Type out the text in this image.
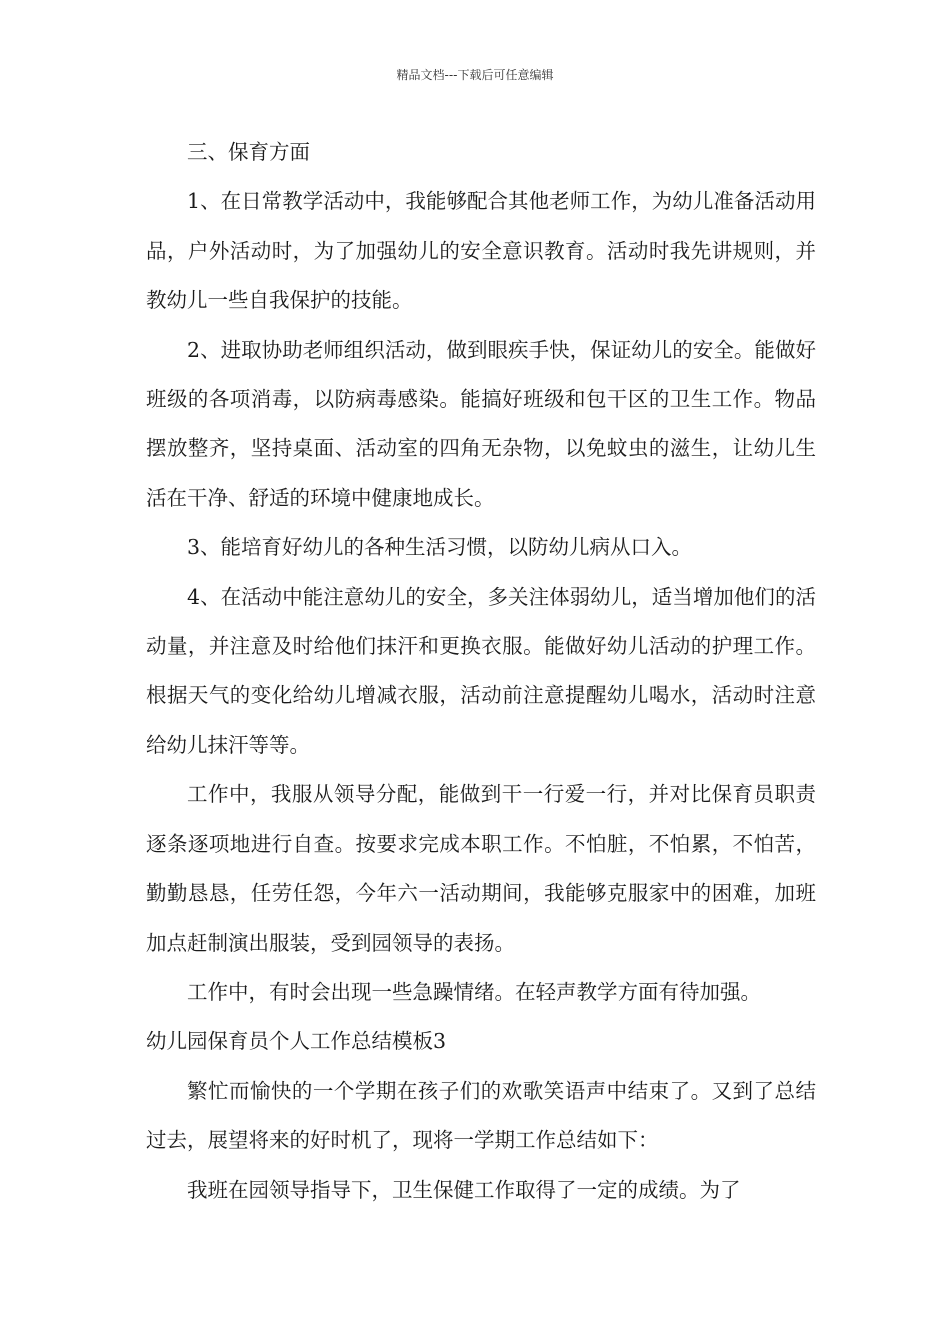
精品文档---下载后可任意编辑

三、保育方面

1、在日常教学活动中，我能够配合其他老师工作，为幼儿准备活动用品，户外活动时，为了加强幼儿的安全意识教育。活动时我先讲规则，并教幼儿一些自我保护的技能。

2、进取协助老师组织活动，做到眼疾手快，保证幼儿的安全。能做好班级的各项消毒，以防病毒感染。能搞好班级和包干区的卫生工作。物品摆放整齐，坚持桌面、活动室的四角无杂物，以免蚊虫的滋生，让幼儿生活在干净、舒适的环境中健康地成长。

3、能培育好幼儿的各种生活习惯，以防幼儿病从口入。

4、在活动中能注意幼儿的安全，多关注体弱幼儿，适当增加他们的活动量，并注意及时给他们抹汗和更换衣服。能做好幼儿活动的护理工作。根据天气的变化给幼儿增减衣服，活动前注意提醒幼儿喝水，活动时注意给幼儿抹汗等等。

工作中，我服从领导分配，能做到干一行爱一行，并对比保育员职责逐条逐项地进行自查。按要求完成本职工作。不怕脏，不怕累，不怕苦，勤勤恳恳，任劳任怨，今年六一活动期间，我能够克服家中的困难，加班加点赶制演出服装，受到园领导的表扬。

工作中，有时会出现一些急躁情绪。在轻声教学方面有待加强。

幼儿园保育员个人工作总结模板3

繁忙而愉快的一个学期在孩子们的欢歌笑语声中结束了。又到了总结过去，展望将来的好时机了，现将一学期工作总结如下：

我班在园领导指导下，卫生保健工作取得了一定的成绩。为了
